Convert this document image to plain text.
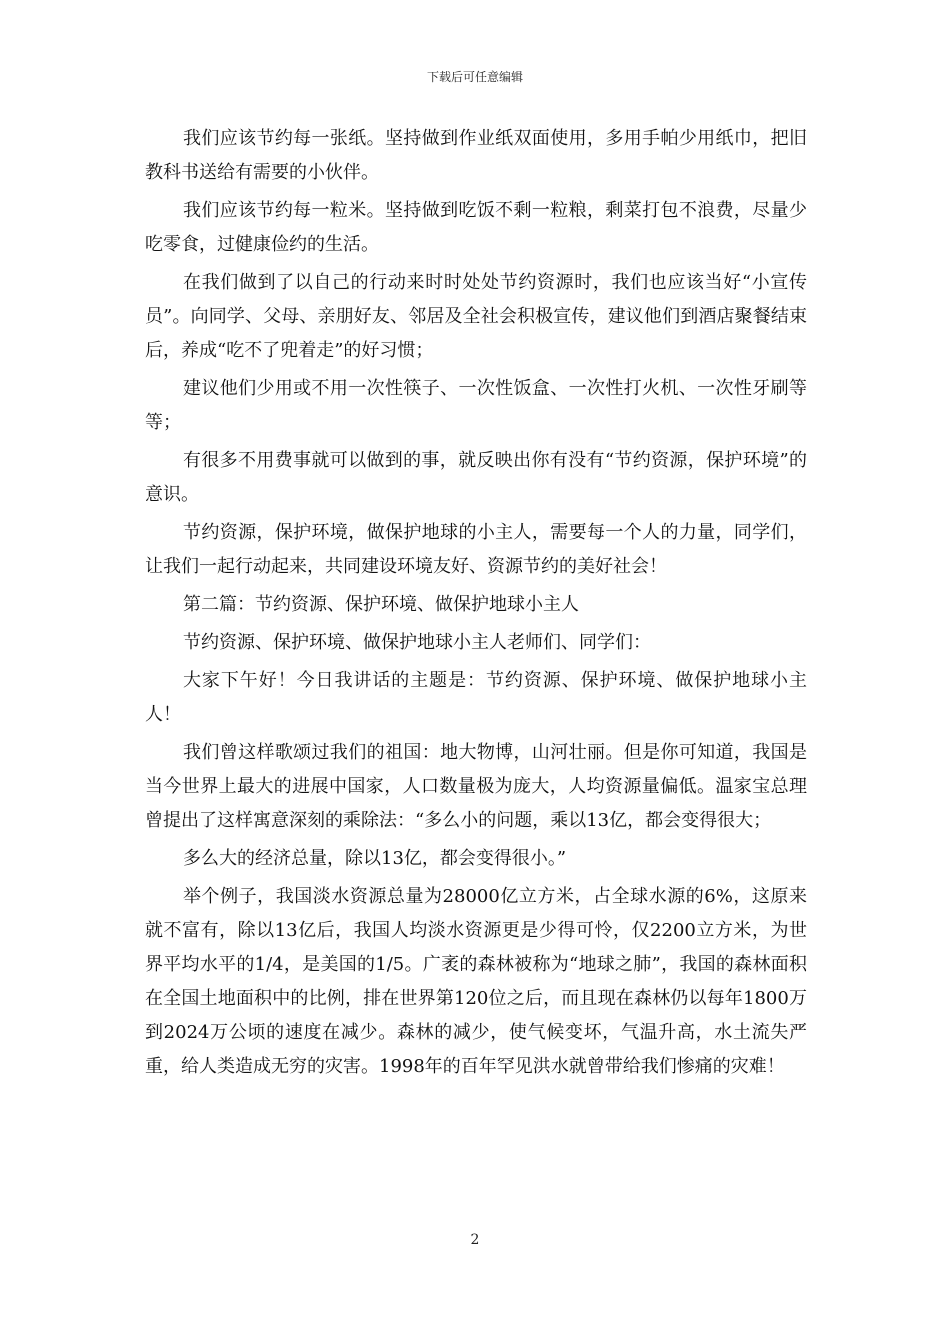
下载后可任意编辑

我们应该节约每一张纸。坚持做到作业纸双面使用，多用手帕少用纸巾，把旧教科书送给有需要的小伙伴。

我们应该节约每一粒米。坚持做到吃饭不剩一粒粮，剩菜打包不浪费，尽量少吃零食，过健康俭约的生活。

在我们做到了以自己的行动来时时处处节约资源时，我们也应该当好“小宣传员”。向同学、父母、亲朋好友、邻居及全社会积极宣传，建议他们到酒店聚餐结束后，养成“吃不了兜着走”的好习惯；

建议他们少用或不用一次性筷子、一次性饭盒、一次性打火机、一次性牙刷等等；

有很多不用费事就可以做到的事，就反映出你有没有“节约资源，保护环境”的意识。

节约资源，保护环境，做保护地球的小主人，需要每一个人的力量，同学们，让我们一起行动起来，共同建设环境友好、资源节约的美好社会！

第二篇：节约资源、保护环境、做保护地球小主人

节约资源、保护环境、做保护地球小主人老师们、同学们：

大家下午好！今日我讲话的主题是：节约资源、保护环境、做保护地球小主人！

我们曾这样歌颂过我们的祖国：地大物博，山河壮丽。但是你可知道，我国是当今世界上最大的进展中国家，人口数量极为庞大，人均资源量偏低。温家宝总理曾提出了这样寓意深刻的乘除法：“多么小的问题，乘以13亿，都会变得很大；

多么大的经济总量，除以13亿，都会变得很小。”

举个例子，我国淡水资源总量为28000亿立方米，占全球水源的6%，这原来就不富有，除以13亿后，我国人均淡水资源更是少得可怜，仅2200立方米，为世界平均水平的1/4，是美国的1/5。广袤的森林被称为“地球之肺”，我国的森林面积在全国土地面积中的比例，排在世界第120位之后，而且现在森林仍以每年1800万到2024万公顷的速度在减少。森林的减少，使气候变坏，气温升高，水土流失严重，给人类造成无穷的灾害。1998年的百年罕见洪水就曾带给我们惨痛的灾难！

2
